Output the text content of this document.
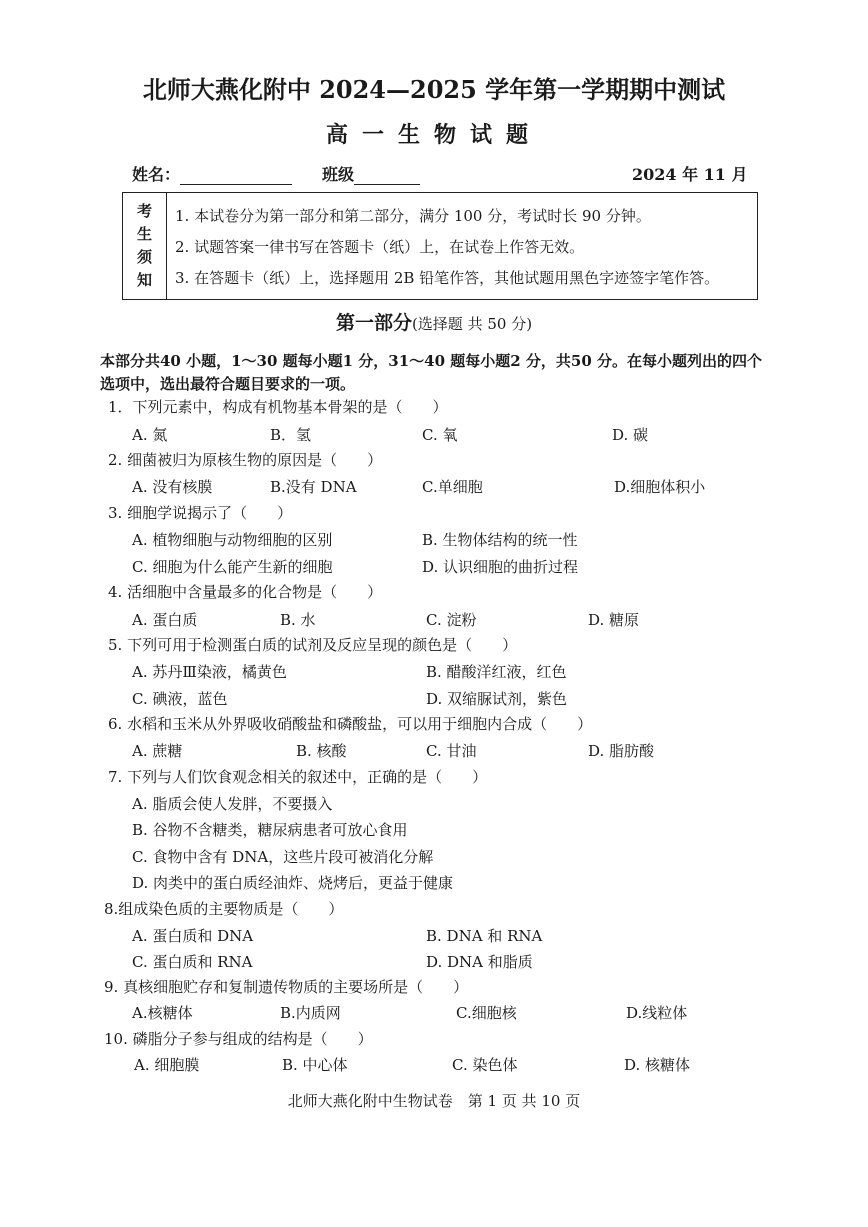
北师大燕化附中 2024—2025 学年第一学期期中测试
高一生物试题
姓名：	班级	2024 年 11 月
考
生
须
知
1. 本试卷分为第一部分和第二部分，满分 100 分，考试时长 90 分钟。
2. 试题答案一律书写在答题卡（纸）上，在试卷上作答无效。
3. 在答题卡（纸）上，选择题用 2B 铅笔作答，其他试题用黑色字迹签字笔作答。
第一部分(选择题 共 50 分)
本部分共40 小题，1～30 题每小题1 分，31～40 题每小题2 分，共50 分。在每小题列出的四个选项中，选出最符合题目要求的一项。
1．下列元素中，构成有机物基本骨架的是（　　）
A. 氮	B．氢	C. 氧	D. 碳
2. 细菌被归为原核生物的原因是（　　）
A. 没有核膜	B.没有 DNA	C.单细胞	D.细胞体积小
3. 细胞学说揭示了（　　）
A. 植物细胞与动物细胞的区别	B. 生物体结构的统一性
C. 细胞为什么能产生新的细胞	D. 认识细胞的曲折过程
4. 活细胞中含量最多的化合物是（　　）
A. 蛋白质	B. 水	C. 淀粉	D. 糖原
5. 下列可用于检测蛋白质的试剂及反应呈现的颜色是（　　）
A. 苏丹Ⅲ染液，橘黄色	B. 醋酸洋红液，红色
C. 碘液，蓝色	D. 双缩脲试剂，紫色
6. 水稻和玉米从外界吸收硝酸盐和磷酸盐，可以用于细胞内合成（　　）
A. 蔗糖	B. 核酸	C. 甘油	D. 脂肪酸
7. 下列与人们饮食观念相关的叙述中，正确的是（　　）
A. 脂质会使人发胖，不要摄入
B. 谷物不含糖类，糖尿病患者可放心食用
C. 食物中含有 DNA，这些片段可被消化分解
D. 肉类中的蛋白质经油炸、烧烤后，更益于健康
8.组成染色质的主要物质是（　　）
A. 蛋白质和 DNA	B. DNA 和 RNA
C. 蛋白质和 RNA	D. DNA 和脂质
9. 真核细胞贮存和复制遗传物质的主要场所是（　　）
A.核糖体	B.内质网	C.细胞核	D.线粒体
10. 磷脂分子参与组成的结构是（　　）
A. 细胞膜	B. 中心体	C. 染色体	D. 核糖体
北师大燕化附中生物试卷　第 1 页 共 10 页
